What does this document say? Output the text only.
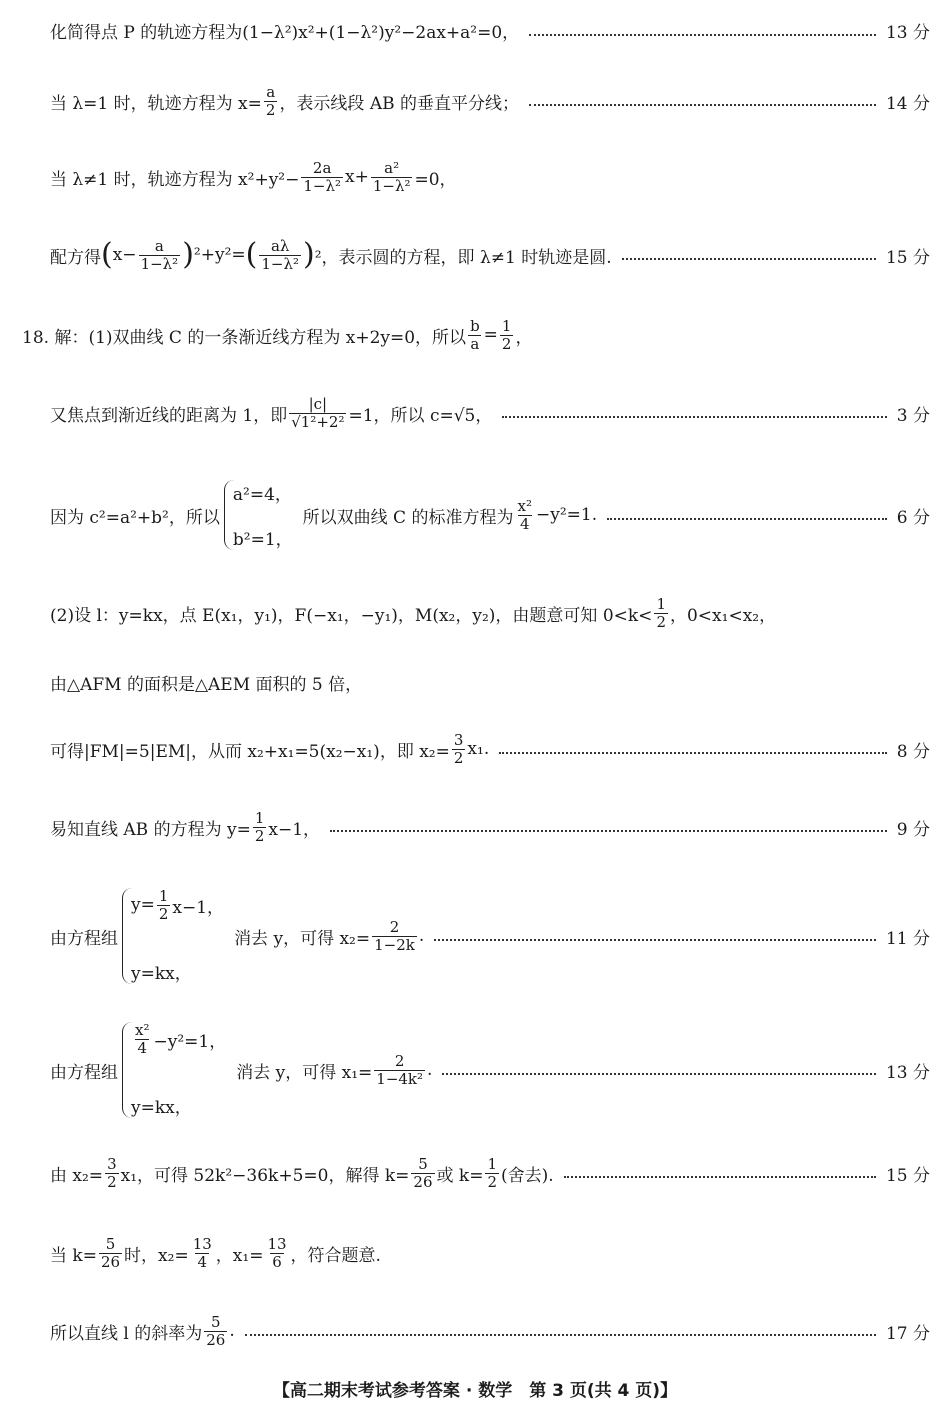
化简得点 P 的轨迹方程为(1−λ²)x²+(1−λ²)y²−2ax+a²=0，	13 分
当 λ=1 时，轨迹方程为 $x= \frac{a}{2}$ ，表示线段 AB 的垂直平分线；	14 分
当 λ≠1 时，轨迹方程为 $x^2+y^2- \frac{2a}{\text{1−λ²}} x+ \frac{\text{a²}}{\text{1−λ²}} =0$，
配方得 ( $x- \frac{a}{\text{1−λ²}}$ ) ²+y²= ( $\frac{a\lambda}{\text{1−λ²}}$ ) ²，表示圆的方程，即 λ≠1 时轨迹是圆.	15 分
18. 解：(1)双曲线 C 的一条渐近线方程为 x+2y=0，所以 $\frac{b}{a} = \frac{1}{2}$ ，
又焦点到渐近线的距离为 1，即 $\frac{|c|}{\text{√1²+2²}} =1$，所以 c=√5，	3 分
因为 c²=a²+b²，所以
a²=4，
b²=1，
所以双曲线 C 的标准方程为 $\frac{\text{x²}}{4} -y^2=1$.	6 分
(2)设 l：y=kx，点 E(x₁，y₁)，F(−x₁，−y₁)，M(x₂，y₂)，由题意可知 $0<k< \frac{1}{2}$ ，0<x₁<x₂，
由△AFM 的面积是△AEM 面积的 5 倍，
可得|FM|=5|EM|，从而 x₂+x₁=5(x₂−x₁)，即 $x_2= \frac{3}{2} x_1$.	8 分
易知直线 AB 的方程为 $y= \frac{1}{2} x-1$，	9 分
由方程组
$y= \frac{1}{2} x-1$，
y=kx，
消去 y，可得 $x_2= \frac{2}{1-2k}$ .	11 分
由方程组
$\frac{\text{x²}}{4} -y^2=1$，
y=kx，
消去 y，可得 $x_1= \frac{2}{\text{1−4k²}}$ .	13 分
由 $x_2= \frac{3}{2} x_1$，可得 52k²−36k+5=0，解得 $k= \frac{5}{26}$ 或 $k= \frac{1}{2}$ (舍去).	15 分
当 $k= \frac{5}{26}$ 时，$x_2= \frac{13}{4}$ ，$x_1= \frac{13}{6}$ ，符合题意.
所以直线 l 的斜率为 $\frac{5}{26}$ .	17 分
【高二期末考试参考答案 · 数学　第 3 页(共 4 页)】
